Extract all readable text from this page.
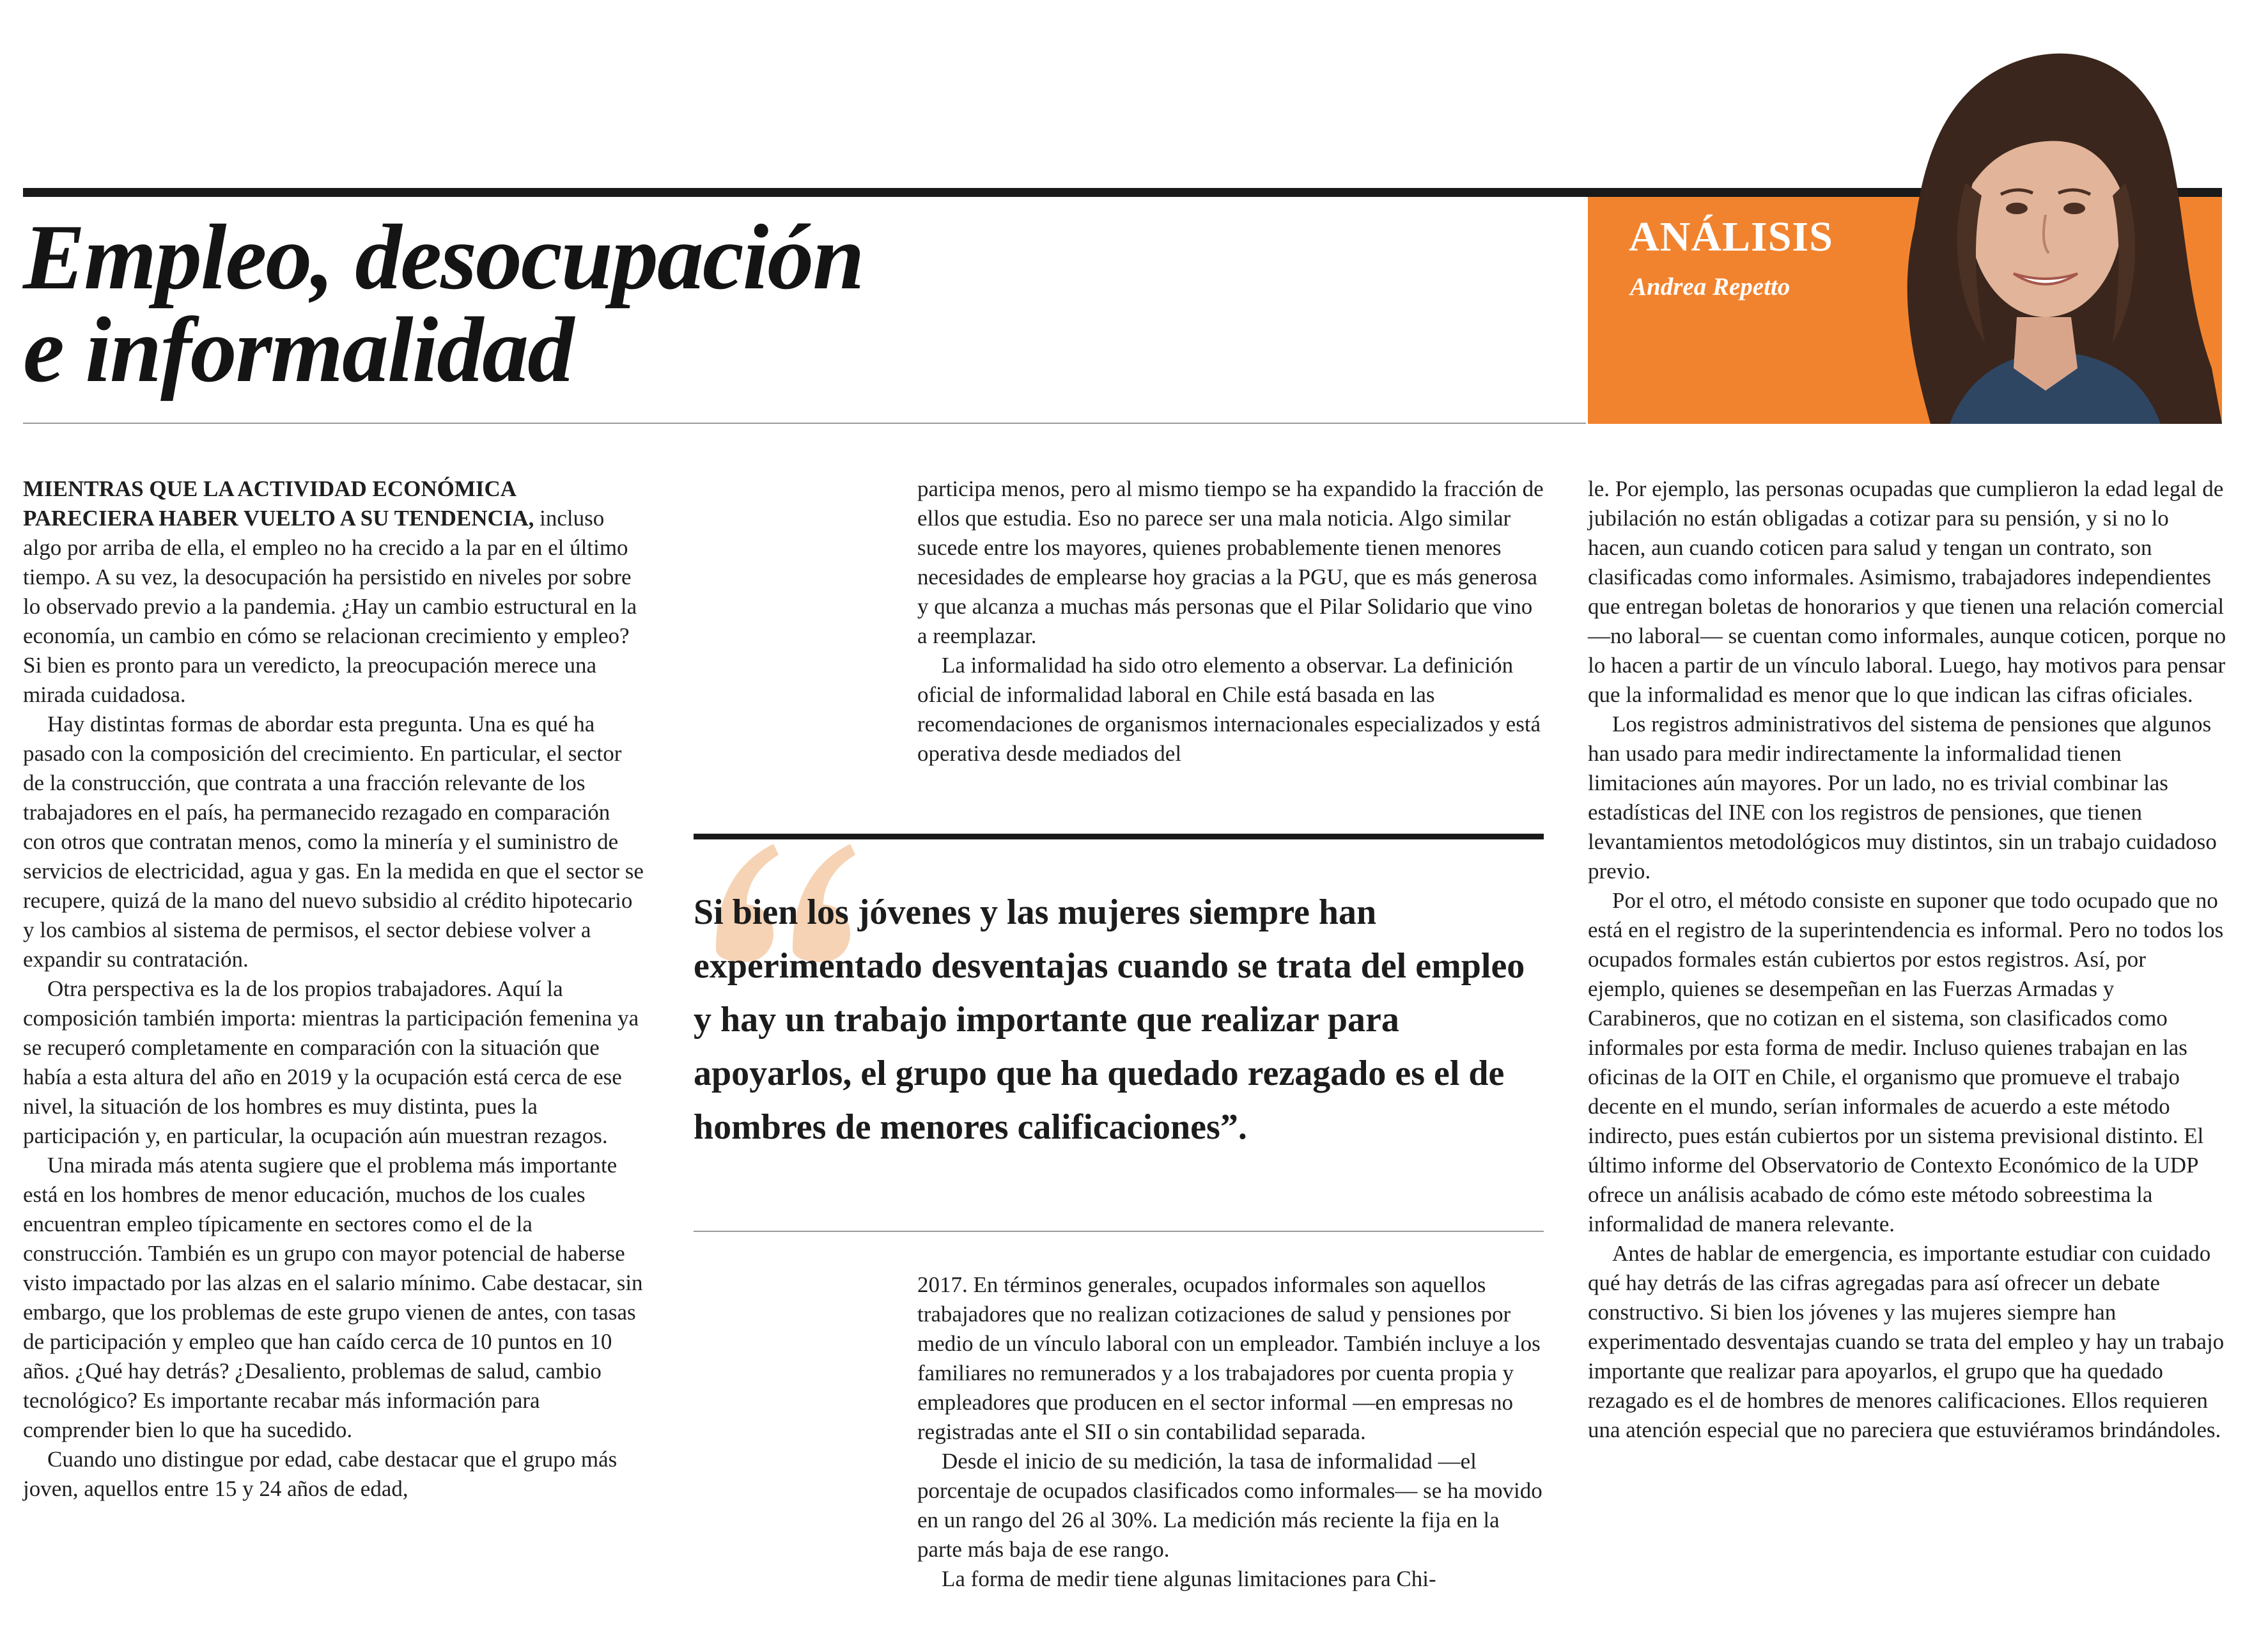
Empleo, desocupación
e informalidad
ANÁLISIS

Andrea Repetto

MIENTRAS QUE LA ACTIVIDAD ECONÓMICA PARECIERA HABER VUELTO A SU TENDENCIA, incluso algo por arriba de ella, el empleo no ha crecido a la par en el último tiempo. A su vez, la desocupación ha persistido en niveles por sobre lo observado previo a la pandemia. ¿Hay un cambio estructural en la economía, un cambio en cómo se relacionan crecimiento y empleo? Si bien es pronto para un veredicto, la preocupación merece una mirada cuidadosa.

Hay distintas formas de abordar esta pregunta. Una es qué ha pasado con la composición del crecimiento. En particular, el sector de la construcción, que contrata a una fracción relevante de los trabajadores en el país, ha permanecido rezagado en comparación con otros que contratan menos, como la minería y el suministro de servicios de electricidad, agua y gas. En la medida en que el sector se recupere, quizá de la mano del nuevo subsidio al crédito hipotecario y los cambios al sistema de permisos, el sector debiese volver a expandir su contratación.

Otra perspectiva es la de los propios trabajadores. Aquí la composición también importa: mientras la participación femenina ya se recuperó completamente en comparación con la situación que había a esta altura del año en 2019 y la ocupación está cerca de ese nivel, la situación de los hombres es muy distinta, pues la participación y, en particular, la ocupación aún muestran rezagos.

Una mirada más atenta sugiere que el problema más importante está en los hombres de menor educación, muchos de los cuales encuentran empleo típicamente en sectores como el de la construcción. También es un grupo con mayor potencial de haberse visto impactado por las alzas en el salario mínimo. Cabe destacar, sin embargo, que los problemas de este grupo vienen de antes, con tasas de participación y empleo que han caído cerca de 10 puntos en 10 años. ¿Qué hay detrás? ¿Desaliento, problemas de salud, cambio tecnológico? Es importante recabar más información para comprender bien lo que ha sucedido.

Cuando uno distingue por edad, cabe destacar que el grupo más joven, aquellos entre 15 y 24 años de edad,

participa menos, pero al mismo tiempo se ha expandido la fracción de ellos que estudia. Eso no parece ser una mala noticia. Algo similar sucede entre los mayores, quienes probablemente tienen menores necesidades de emplearse hoy gracias a la PGU, que es más generosa y que alcanza a muchas más personas que el Pilar Solidario que vino a reemplazar.

La informalidad ha sido otro elemento a observar. La definición oficial de informalidad laboral en Chile está basada en las recomendaciones de organismos internacionales especializados y está operativa desde mediados del

Si bien los jóvenes y las mujeres siempre han experimentado desventajas cuando se trata del empleo y hay un trabajo importante que realizar para apoyarlos, el grupo que ha quedado rezagado es el de hombres de menores calificaciones”.

2017. En términos generales, ocupados informales son aquellos trabajadores que no realizan cotizaciones de salud y pensiones por medio de un vínculo laboral con un empleador. También incluye a los familiares no remunerados y a los trabajadores por cuenta propia y empleadores que producen en el sector informal —en empresas no registradas ante el SII o sin contabilidad separada.

Desde el inicio de su medición, la tasa de informalidad —el porcentaje de ocupados clasificados como informales— se ha movido en un rango del 26 al 30%. La medición más reciente la fija en la parte más baja de ese rango.

La forma de medir tiene algunas limitaciones para Chi-

le. Por ejemplo, las personas ocupadas que cumplieron la edad legal de jubilación no están obligadas a cotizar para su pensión, y si no lo hacen, aun cuando coticen para salud y tengan un contrato, son clasificadas como informales. Asimismo, trabajadores independientes que entregan boletas de honorarios y que tienen una relación comercial —no laboral— se cuentan como informales, aunque coticen, porque no lo hacen a partir de un vínculo laboral. Luego, hay motivos para pensar que la informalidad es menor que lo que indican las cifras oficiales.

Los registros administrativos del sistema de pensiones que algunos han usado para medir indirectamente la informalidad tienen limitaciones aún mayores. Por un lado, no es trivial combinar las estadísticas del INE con los registros de pensiones, que tienen levantamientos metodológicos muy distintos, sin un trabajo cuidadoso previo.

Por el otro, el método consiste en suponer que todo ocupado que no está en el registro de la superintendencia es informal. Pero no todos los ocupados formales están cubiertos por estos registros. Así, por ejemplo, quienes se desempeñan en las Fuerzas Armadas y Carabineros, que no cotizan en el sistema, son clasificados como informales por esta forma de medir. Incluso quienes trabajan en las oficinas de la OIT en Chile, el organismo que promueve el trabajo decente en el mundo, serían informales de acuerdo a este método indirecto, pues están cubiertos por un sistema previsional distinto. El último informe del Observatorio de Contexto Económico de la UDP ofrece un análisis acabado de cómo este método sobreestima la informalidad de manera relevante.

Antes de hablar de emergencia, es importante estudiar con cuidado qué hay detrás de las cifras agregadas para así ofrecer un debate constructivo. Si bien los jóvenes y las mujeres siempre han experimentado desventajas cuando se trata del empleo y hay un trabajo importante que realizar para apoyarlos, el grupo que ha quedado rezagado es el de hombres de menores calificaciones. Ellos requieren una atención especial que no pareciera que estuviéramos brindándoles.
